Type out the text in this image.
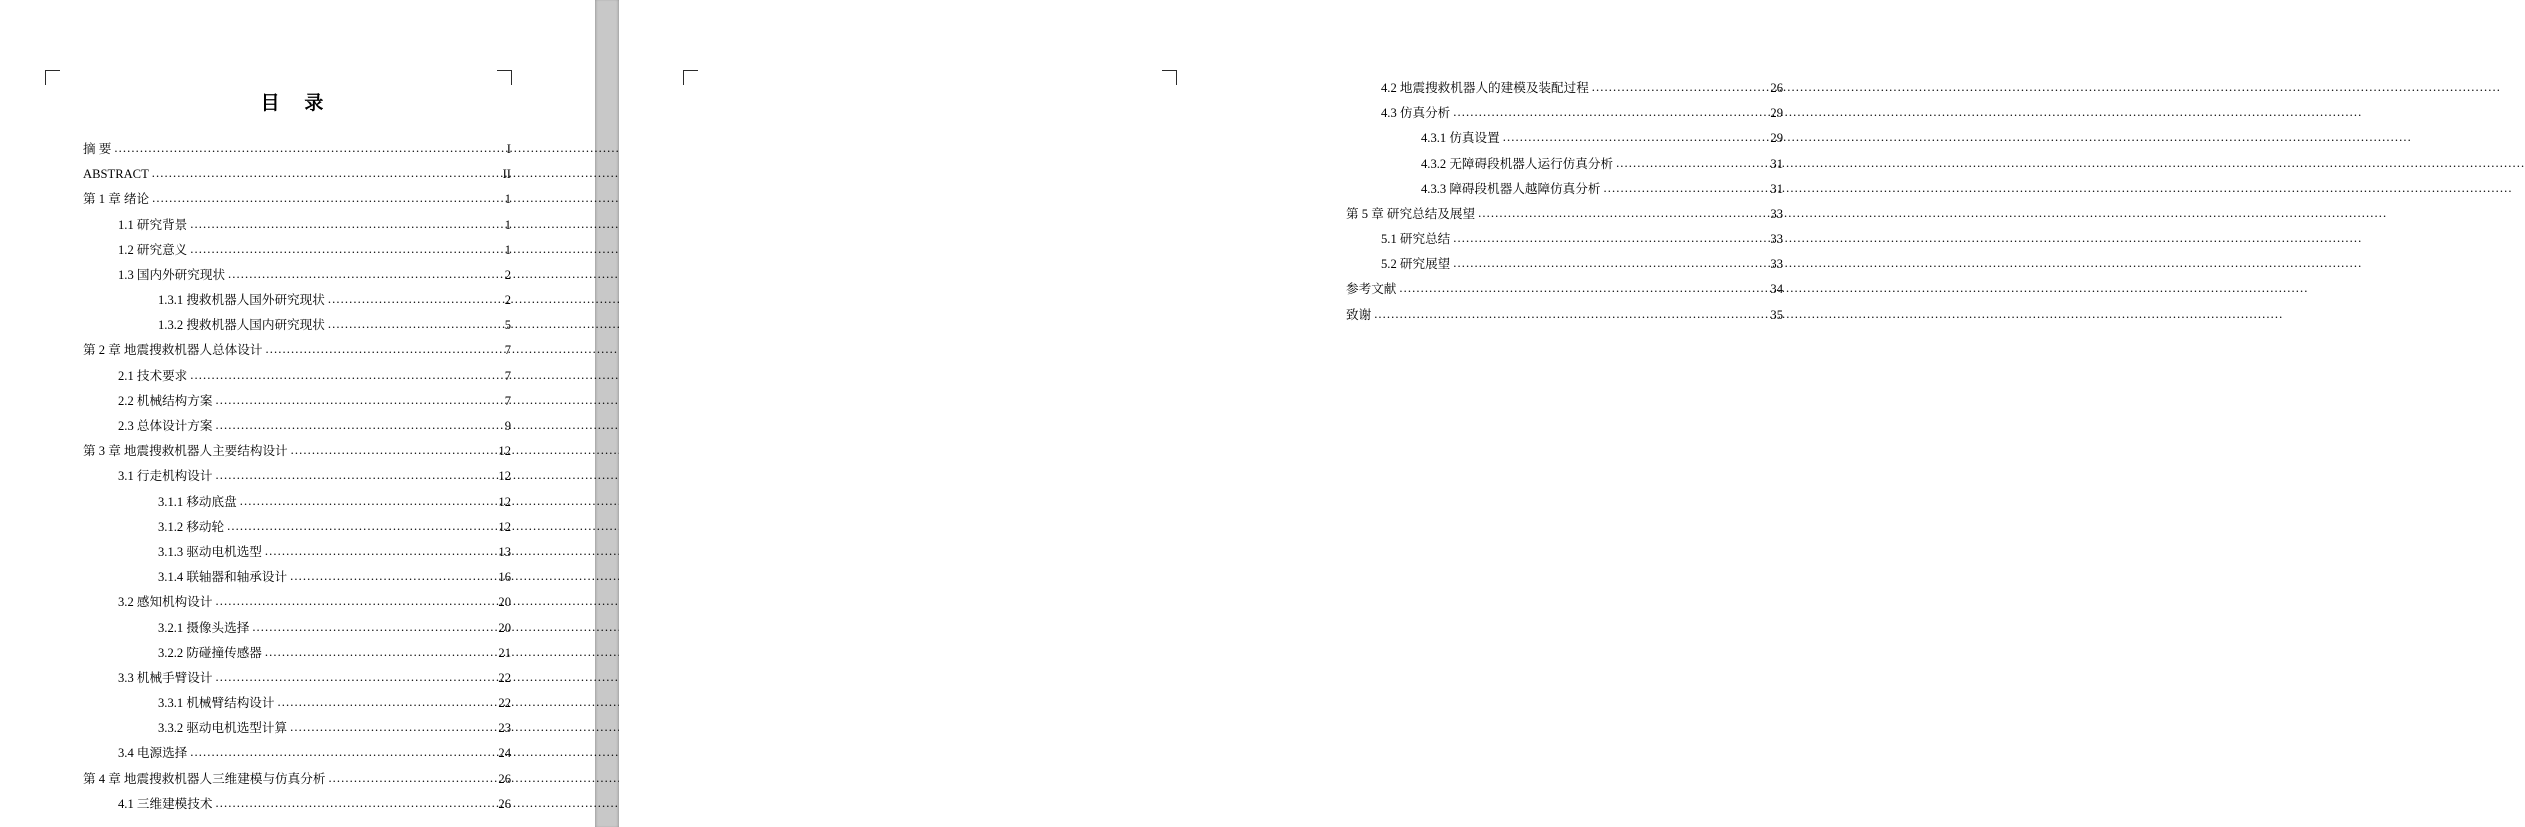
目 录
摘 要 .....	I
ABSTRACT .....	II
第 1 章 绪论 .....	1
1.1 研究背景 .....	1
1.2 研究意义 .....	1
1.3 国内外研究现状 .....	2
1.3.1 搜救机器人国外研究现状 .....	2
1.3.2 搜救机器人国内研究现状 .....	5
第 2 章 地震搜救机器人总体设计 .....	7
2.1 技术要求 .....	7
2.2 机械结构方案 .....	7
2.3 总体设计方案 .....	9
第 3 章 地震搜救机器人主要结构设计 .....	12
3.1 行走机构设计 .....	12
3.1.1 移动底盘 .....	12
3.1.2 移动轮 .....	12
3.1.3 驱动电机选型 .....	13
3.1.4 联轴器和轴承设计 .....	16
3.2 感知机构设计 .....	20
3.2.1 摄像头选择 .....	20
3.2.2 防碰撞传感器 .....	21
3.3 机械手臂设计 .....	22
3.3.1 机械臂结构设计 .....	22
3.3.2 驱动电机选型计算 .....	23
3.4 电源选择 .....	24
第 4 章 地震搜救机器人三维建模与仿真分析 .....	26
4.1 三维建模技术 .....	26
4.2 地震搜救机器人的建模及装配过程 .....	26
4.3 仿真分析 .....	29
4.3.1 仿真设置 .....	29
4.3.2 无障碍段机器人运行仿真分析 .....	31
4.3.3 障碍段机器人越障仿真分析 .....	31
第 5 章 研究总结及展望 .....	33
5.1 研究总结 .....	33
5.2 研究展望 .....	33
参考文献 .....	34
致谢 .....	35
